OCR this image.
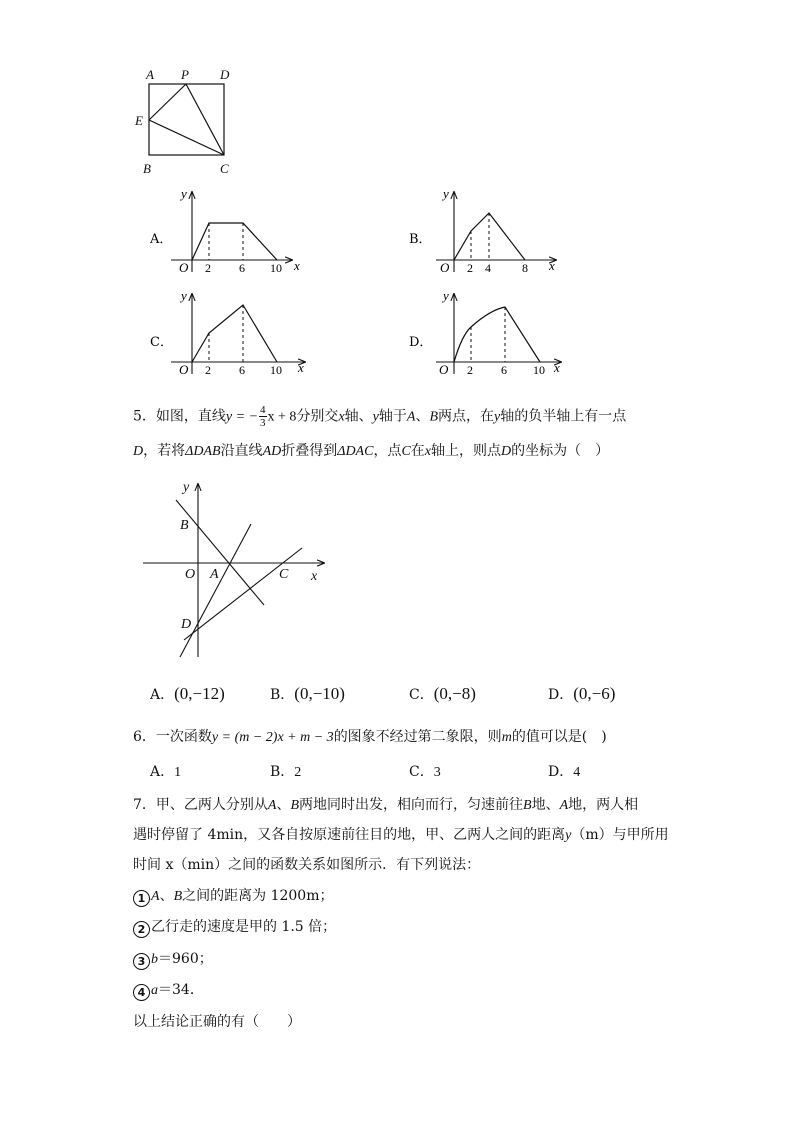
A P D
E
B	C
A．
O 2 6 10 x
y
B．
O 2 4	8 x
y
C．
O 2 6 10 x
y
D．
O 2 6 10 x
y
y
B
O A	C x
D
5．如图，直线y = − $\frac{4}{3}$ x + 8分别交x轴、y轴于A、B两点，在y轴的负半轴上有一点
D，若将ΔDAB沿直线AD折叠得到ΔDAC，点C在x轴上，则点D的坐标为（　）
A．(0,−12)	B．(0,−10)	C．(0,−8)	D．(0,−6)
6．一次函数y = (m − 2)x + m − 3的图象不经过第二象限，则m的值可以是(　)
A．1	B．2	C．3	D．4
7．甲、乙两人分别从A、B两地同时出发，相向而行，匀速前往B地、A地，两人相
遇时停留了 4min，又各自按原速前往目的地，甲、乙两人之间的距离y（m）与甲所用
时间 x（min）之间的函数关系如图所示．有下列说法：
1 A、B之间的距离为 1200m；
2 乙行走的速度是甲的 1.5 倍；
3 b＝960；
4 a＝34．
以上结论正确的有（　　）
